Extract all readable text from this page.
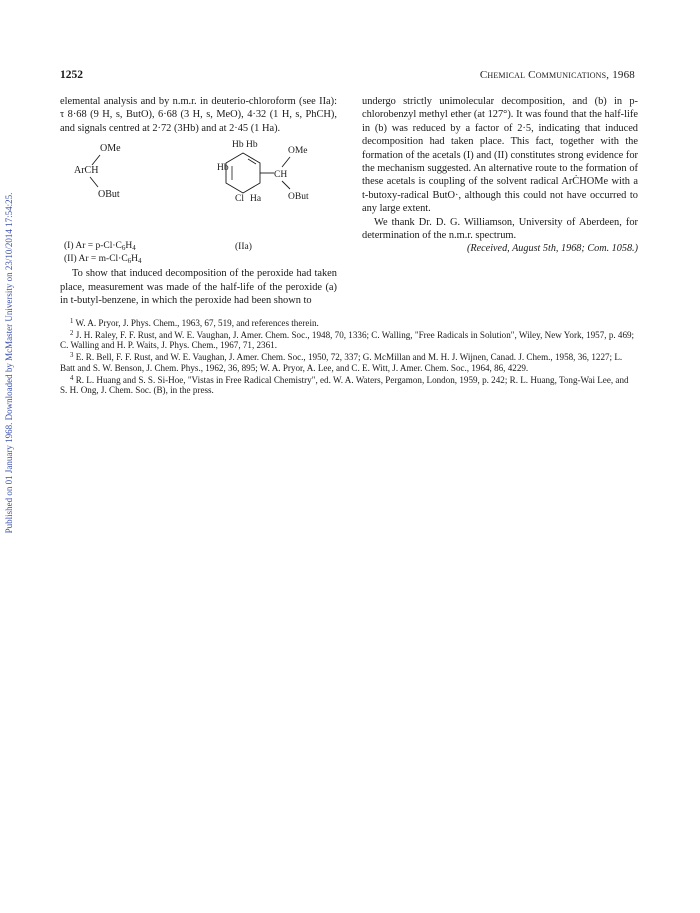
Published on 01 January 1968. Downloaded by McMaster University on 23/10/2014 17:54:25.
1252	Chemical Communications, 1968

elemental analysis and by n.m.r. in deuterio-chloroform (see IIa): τ 8·68 (9 H, s, ButO), 6·68 (3 H, s, MeO), 4·32 (1 H, s, PhCH), and signals centred at 2·72 (3Hb) and at 2·45 (1 Ha).

OMe
ArCH
OBut
Hb Hb
Hb
CH
OMe
OBut
Cl Ha
(I) $Ar = p-Cl\cdot C_6H_4$
(II) $Ar = m-Cl\cdot C_6H_4$
(IIa)

To show that induced decomposition of the peroxide had taken place, measurement was made of the half-life of the peroxide (a) in t-butyl-benzene, in which the peroxide had been shown to

undergo strictly unimolecular decomposition, and (b) in p-chlorobenzyl methyl ether (at 127°). It was found that the half-life in (b) was reduced by a factor of 2·5, indicating that induced decomposition had taken place. This fact, together with the formation of the acetals (I) and (II) constitutes strong evidence for the mechanism suggested. An alternative route to the formation of these acetals is coupling of the solvent radical ArĊHOMe with a t-butoxy-radical ButO·, although this could not have occurred to any large extent.

We thank Dr. D. G. Williamson, University of Aberdeen, for determination of the n.m.r. spectrum.

(Received, August 5th, 1968; Com. 1058.)

$^1$ W. A. Pryor, J. Phys. Chem., 1963, 67, 519, and references therein.

$^2$ J. H. Raley, F. F. Rust, and W. E. Vaughan, J. Amer. Chem. Soc., 1948, 70, 1336; C. Walling, "Free Radicals in Solution", Wiley, New York, 1957, p. 469; C. Walling and H. P. Waits, J. Phys. Chem., 1967, 71, 2361.

$^3$ E. R. Bell, F. F. Rust, and W. E. Vaughan, J. Amer. Chem. Soc., 1950, 72, 337; G. McMillan and M. H. J. Wijnen, Canad. J. Chem., 1958, 36, 1227; L. Batt and S. W. Benson, J. Chem. Phys., 1962, 36, 895; W. A. Pryor, A. Lee, and C. E. Witt, J. Amer. Chem. Soc., 1964, 86, 4229.

$^4$ R. L. Huang and S. S. Si-Hoe, "Vistas in Free Radical Chemistry", ed. W. A. Waters, Pergamon, London, 1959, p. 242; R. L. Huang, Tong-Wai Lee, and S. H. Ong, J. Chem. Soc. (B), in the press.
